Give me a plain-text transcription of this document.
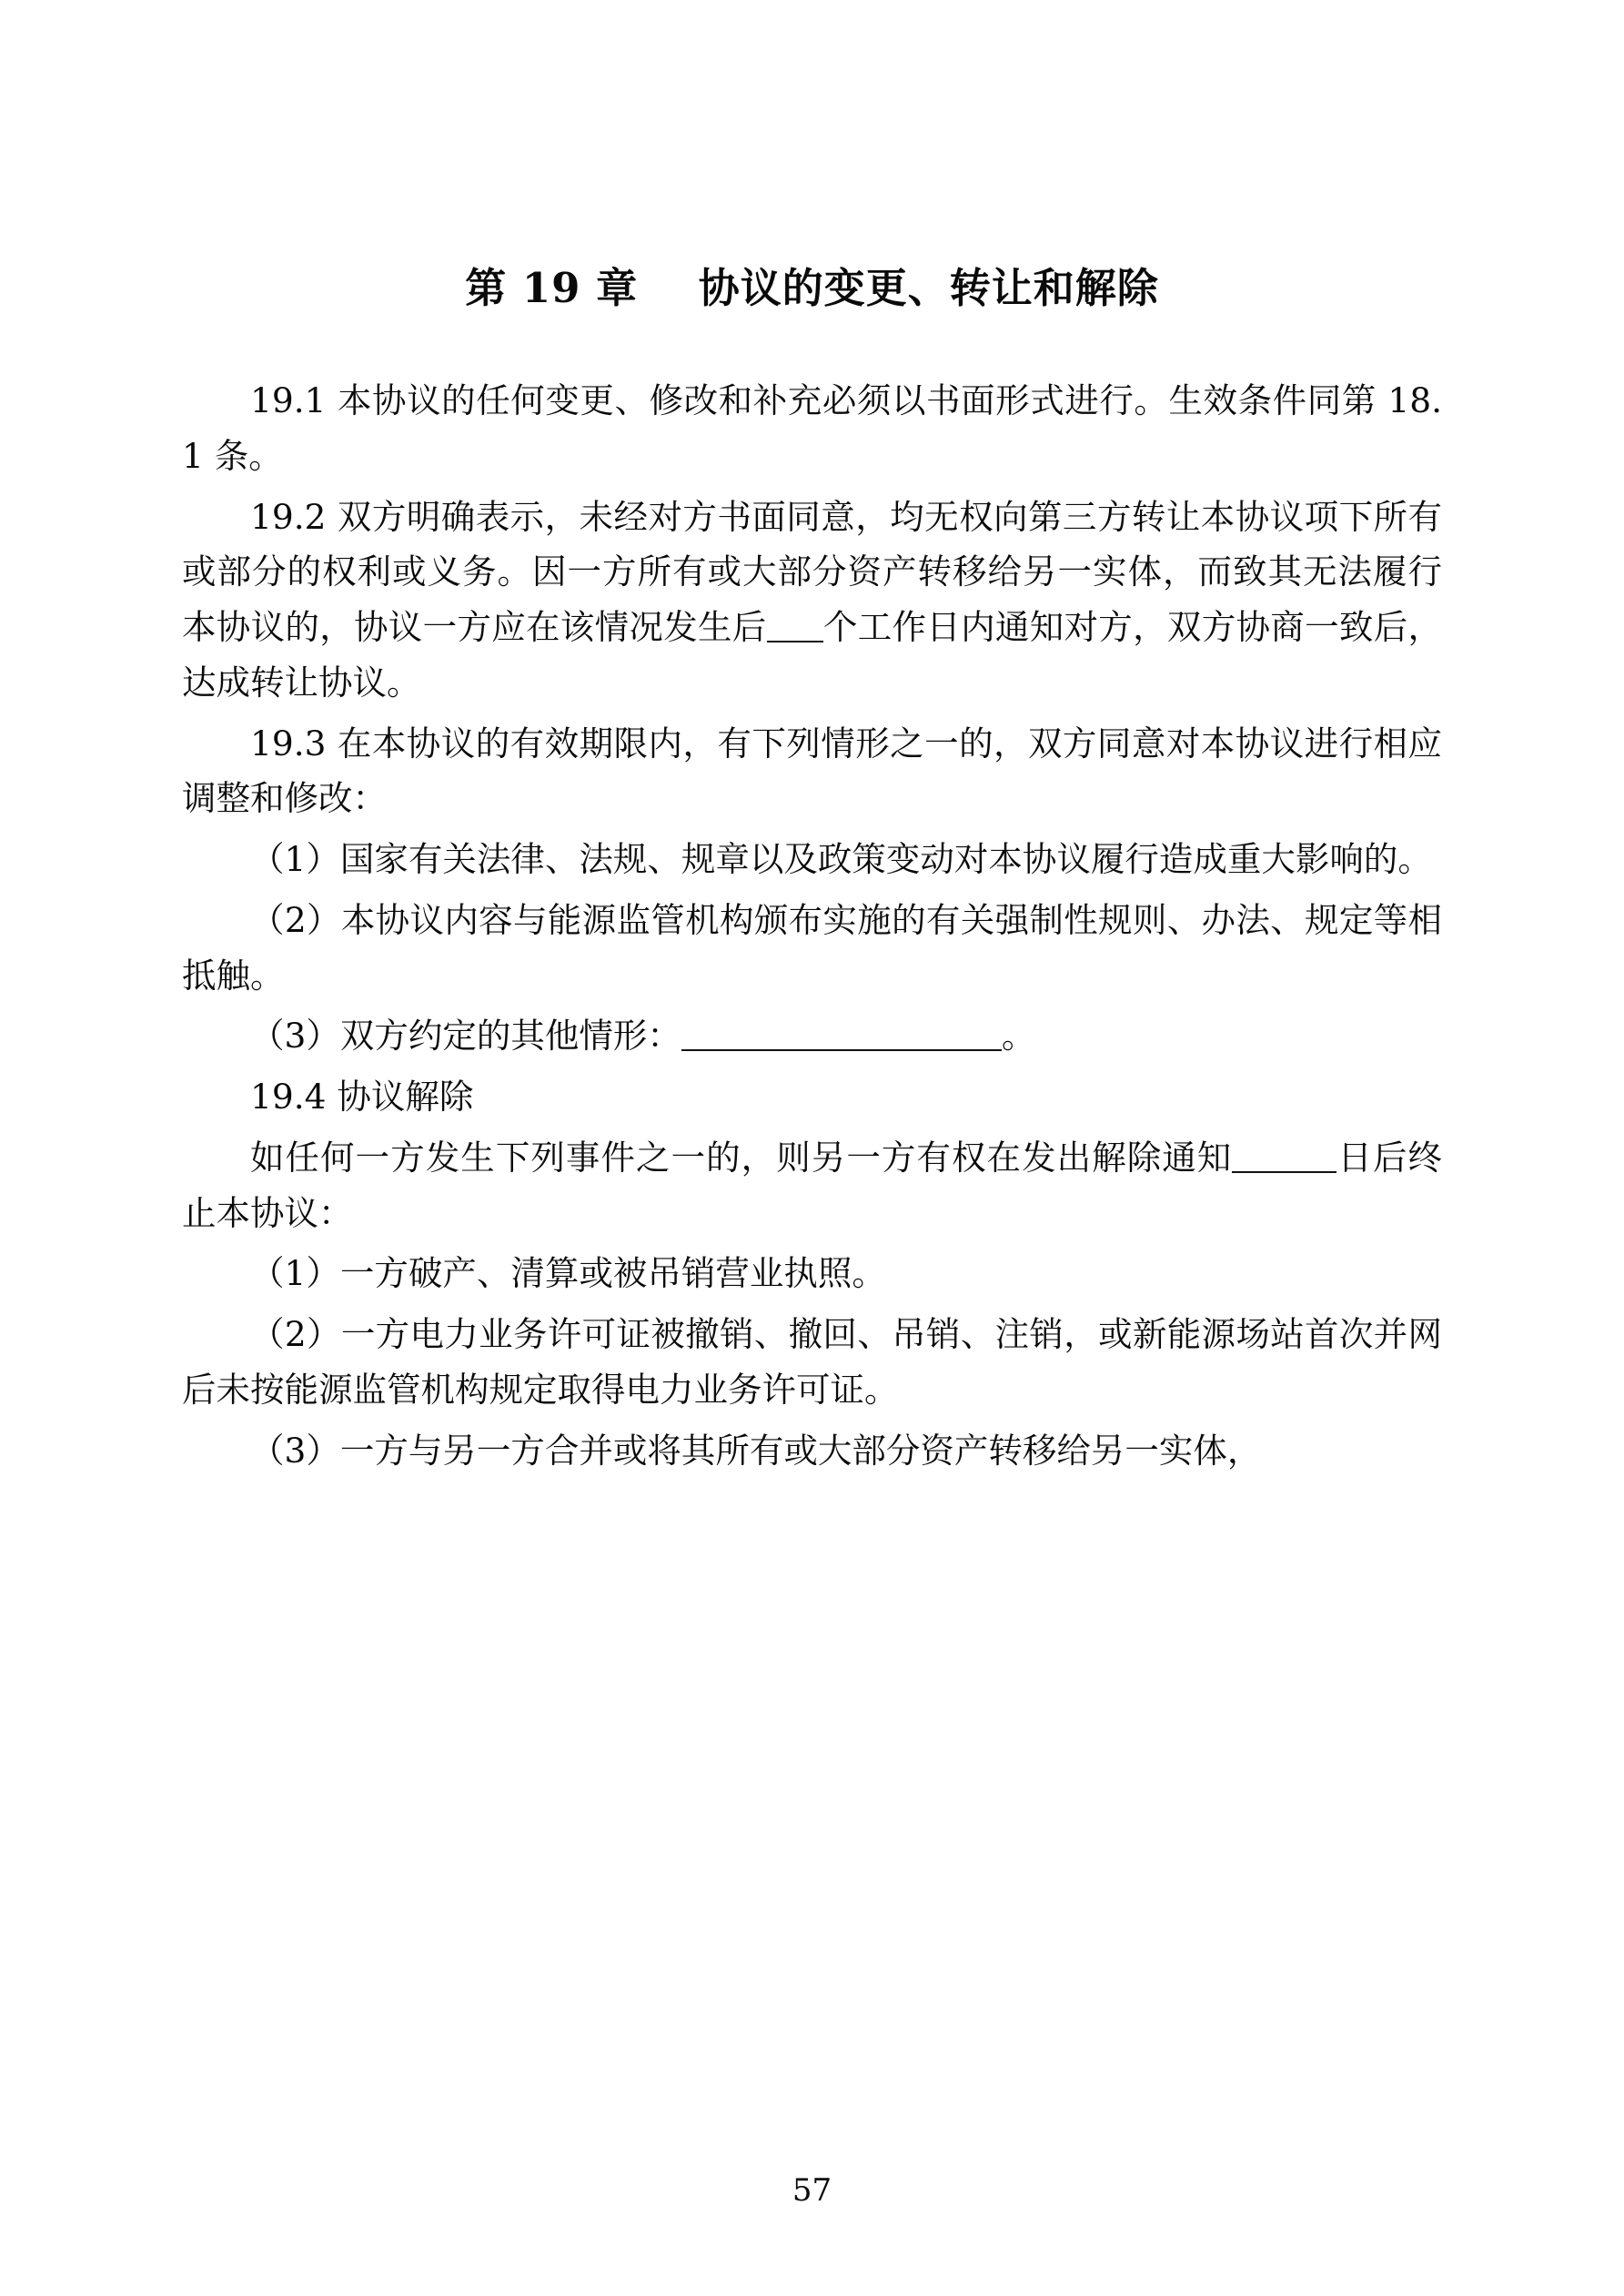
第 19 章    协议的变更、转让和解除

19.1 本协议的任何变更、修改和补充必须以书面形式进行。生效条件同第 18.1 条。

19.2 双方明确表示，未经对方书面同意，均无权向第三方转让本协议项下所有或部分的权利或义务。因一方所有或大部分资产转移给另一实体，而致其无法履行本协议的，协议一方应在该情况发生后 个工作日内通知对方，双方协商一致后，达成转让协议。

19.3 在本协议的有效期限内，有下列情形之一的，双方同意对本协议进行相应调整和修改：

（1）国家有关法律、法规、规章以及政策变动对本协议履行造成重大影响的。

（2）本协议内容与能源监管机构颁布实施的有关强制性规则、办法、规定等相抵触。

（3）双方约定的其他情形：	。

19.4 协议解除

如任何一方发生下列事件之一的，则另一方有权在发出解除通知	日后终止本协议：

（1）一方破产、清算或被吊销营业执照。

（2）一方电力业务许可证被撤销、撤回、吊销、注销，或新能源场站首次并网后未按能源监管机构规定取得电力业务许可证。

（3）一方与另一方合并或将其所有或大部分资产转移给另一实体，

57
